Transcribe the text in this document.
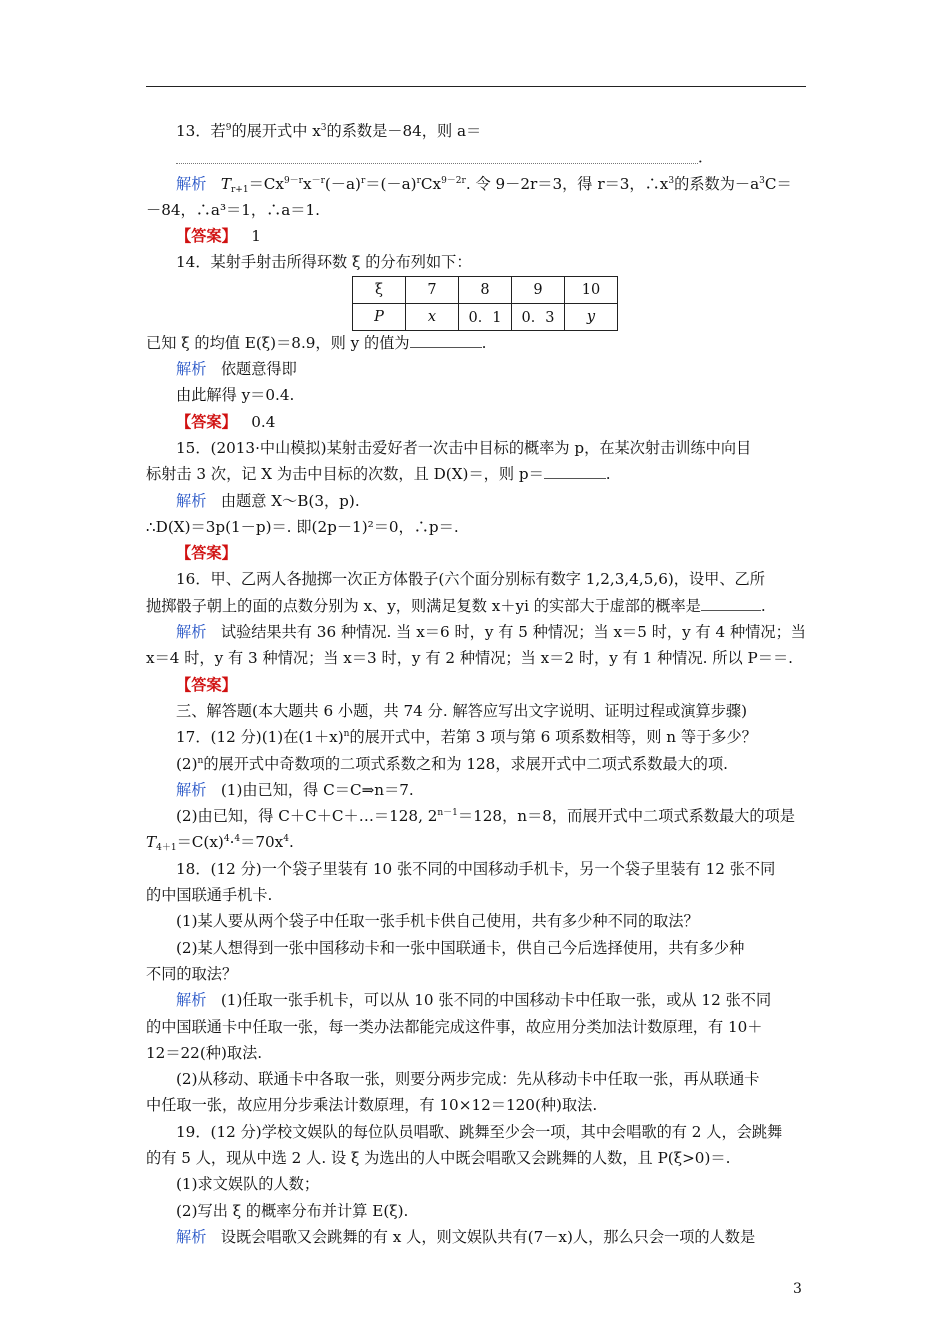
13．若$^9$的展开式中 $x^3$的系数是－84，则 a＝
．
解析 $T_{r+1}=Cx^{9-r}x^{-r}(-a)^r=(-a)^rCx^{9-2r}$. 令 9－2r＝3，得 r＝3，$\therefore x^3$的系数为$-a^3C=$
－84，∴a³＝1，∴a＝1.
【答案】 1
14．某射手射击所得环数 ξ 的分布列如下：
ξ	7	8	9	10
P	x	0．1	0．3	y
已知 ξ 的均值 E(ξ)＝8.9，则 y 的值为	.
解析 依题意得即
由此解得 y＝0.4.
【答案】 0.4
15．(2013·中山模拟)某射击爱好者一次击中目标的概率为 p，在某次射击训练中向目
标射击 3 次，记 X 为击中目标的次数，且 D(X)＝，则 p＝	.
解析 由题意 X～B(3，p).
∴D(X)＝3p(1－p)＝. 即(2p－1)²＝0，∴p＝.
【答案】
16．甲、乙两人各抛掷一次正方体骰子(六个面分别标有数字 1,2,3,4,5,6)，设甲、乙所
抛掷骰子朝上的面的点数分别为 x、y，则满足复数 x＋yi 的实部大于虚部的概率是	.
解析 试验结果共有 36 种情况. 当 x＝6 时，y 有 5 种情况；当 x＝5 时，y 有 4 种情况；当
x＝4 时，y 有 3 种情况；当 x＝3 时，y 有 2 种情况；当 x＝2 时，y 有 1 种情况. 所以 P＝＝.
【答案】
三、解答题(本大题共 6 小题，共 74 分. 解答应写出文字说明、证明过程或演算步骤)
17．(12 分)(1)在$(1+x)^n$的展开式中，若第 3 项与第 6 项系数相等，则 n 等于多少？
$(2)^n$的展开式中奇数项的二项式系数之和为 128，求展开式中二项式系数最大的项.
解析 (1)由已知，得 C＝C⇒n＝7.
(2)由已知，得 C＋C＋C＋…＝128, $2^{n-1}=128$，n＝8，而展开式中二项式系数最大的项是
$T_{4+1}=C(x)^4\cdot^4=70x^4$.
18．(12 分)一个袋子里装有 10 张不同的中国移动手机卡，另一个袋子里装有 12 张不同
的中国联通手机卡.
(1)某人要从两个袋子中任取一张手机卡供自己使用，共有多少种不同的取法？
(2)某人想得到一张中国移动卡和一张中国联通卡，供自己今后选择使用，共有多少种
不同的取法？
解析 (1)任取一张手机卡，可以从 10 张不同的中国移动卡中任取一张，或从 12 张不同
的中国联通卡中任取一张，每一类办法都能完成这件事，故应用分类加法计数原理，有 10＋
12＝22(种)取法.
(2)从移动、联通卡中各取一张，则要分两步完成：先从移动卡中任取一张，再从联通卡
中任取一张，故应用分步乘法计数原理，有 10×12＝120(种)取法.
19．(12 分)学校文娱队的每位队员唱歌、跳舞至少会一项，其中会唱歌的有 2 人，会跳舞
的有 5 人，现从中选 2 人. 设 ξ 为选出的人中既会唱歌又会跳舞的人数，且 P(ξ>0)＝.
(1)求文娱队的人数；
(2)写出 ξ 的概率分布并计算 E(ξ).
解析 设既会唱歌又会跳舞的有 x 人，则文娱队共有(7－x)人，那么只会一项的人数是
3
